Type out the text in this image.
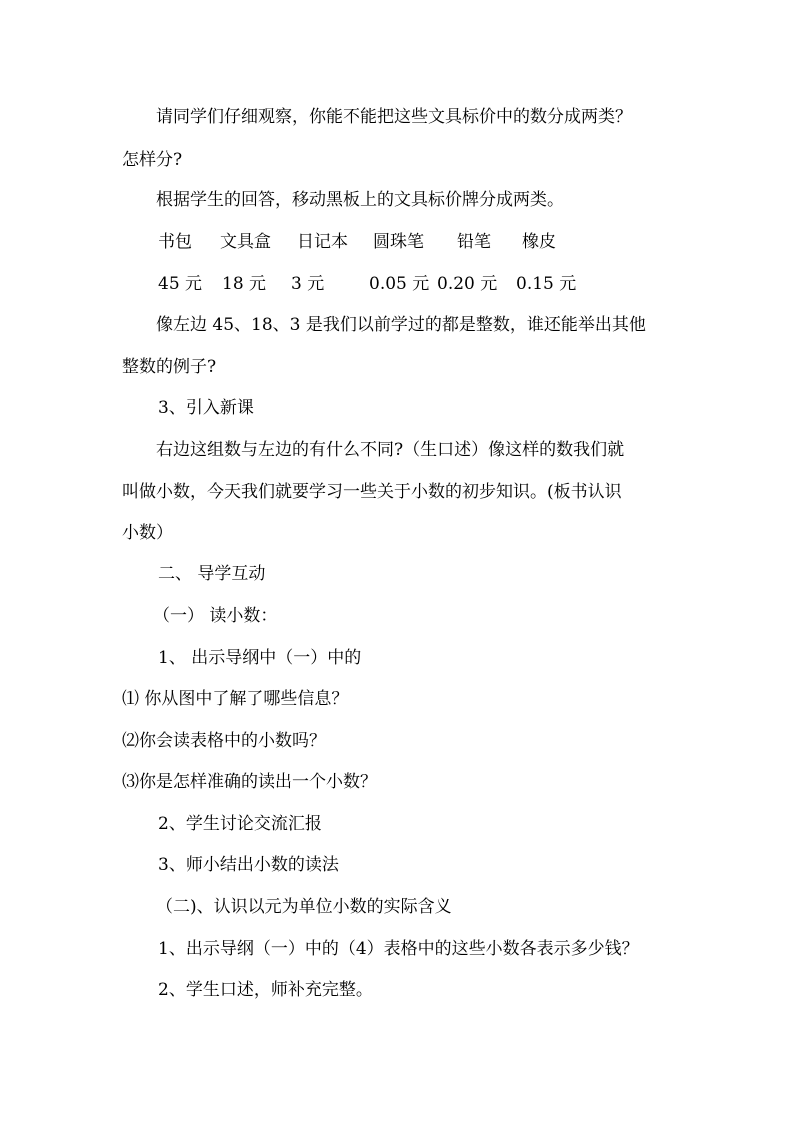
请同学们仔细观察，你能不能把这些文具标价中的数分成两类？
怎样分?
根据学生的回答，移动黑板上的文具标价牌分成两类。
书包 文具盒 日记本 圆珠笔 铅笔 橡皮
45 元 18 元 3 元	0.05 元 0.20 元 0.15 元
像左边 45、18、3 是我们以前学过的都是整数，谁还能举出其他
整数的例子?
3、引入新课
右边这组数与左边的有什么不同?（生口述）像这样的数我们就
叫做小数，今天我们就要学习一些关于小数的初步知识。(板书认识
小数）
二、 导学互动
（一） 读小数：
1、 出示导纲中（一）中的
⑴ 你从图中了解了哪些信息？
⑵你会读表格中的小数吗？
⑶你是怎样准确的读出一个小数？
2、学生讨论交流汇报
3、师小结出小数的读法
（二)、认识以元为单位小数的实际含义
1、出示导纲（一）中的（4）表格中的这些小数各表示多少钱？
2、学生口述，师补充完整。
